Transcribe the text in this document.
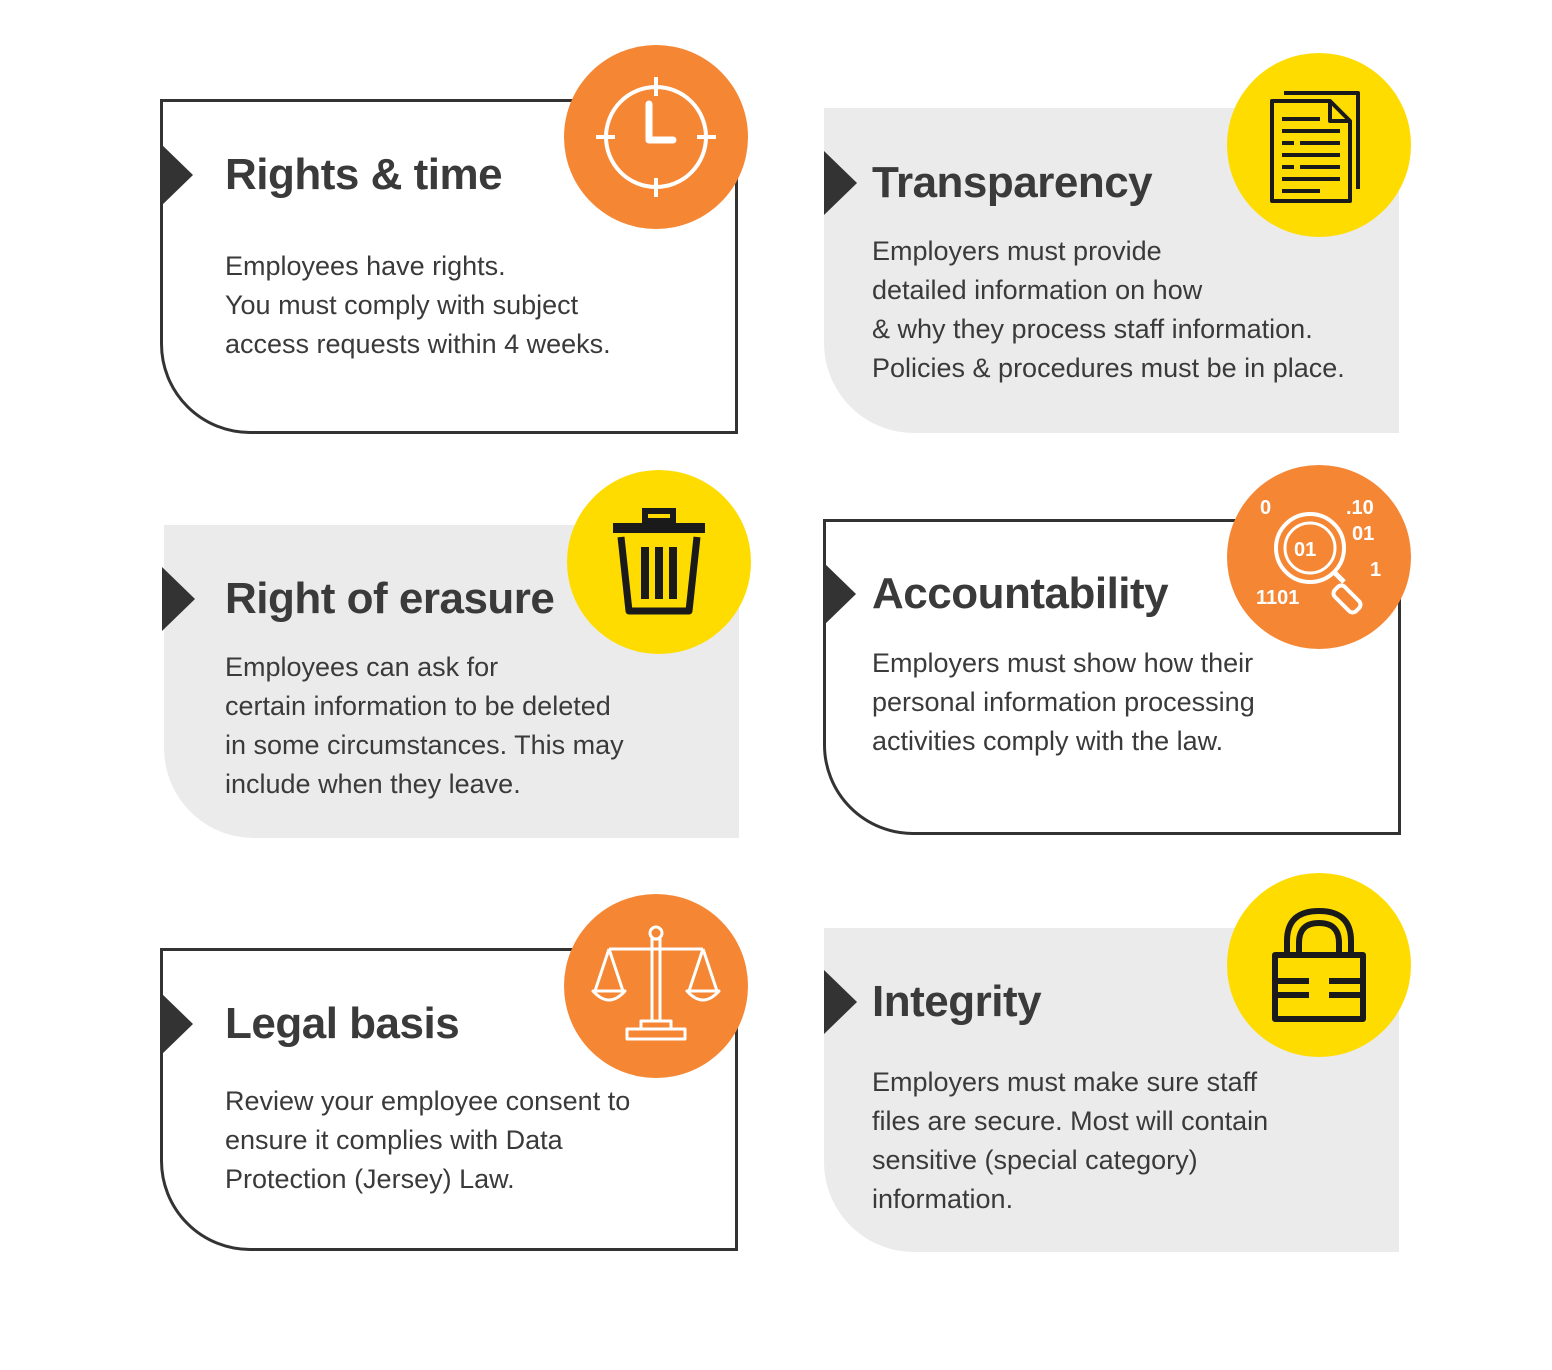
Rights & time
Employees have rights.
You must comply with subject
access requests within 4 weeks.
Transparency
Employers must provide
detailed information on how
& why they process staff information.
Policies & procedures must be in place.
Right of erasure
Employees can ask for
certain information to be deleted
in some circumstances. This may
include when they leave.
Accountability
Employers must show how their
personal information processing
activities comply with the law.
0	.10
01
01
1
1101
Legal basis
Review your employee consent to
ensure it complies with Data
Protection (Jersey) Law.
Integrity
Employers must make sure staff
files are secure. Most will contain
sensitive (special category)
information.
